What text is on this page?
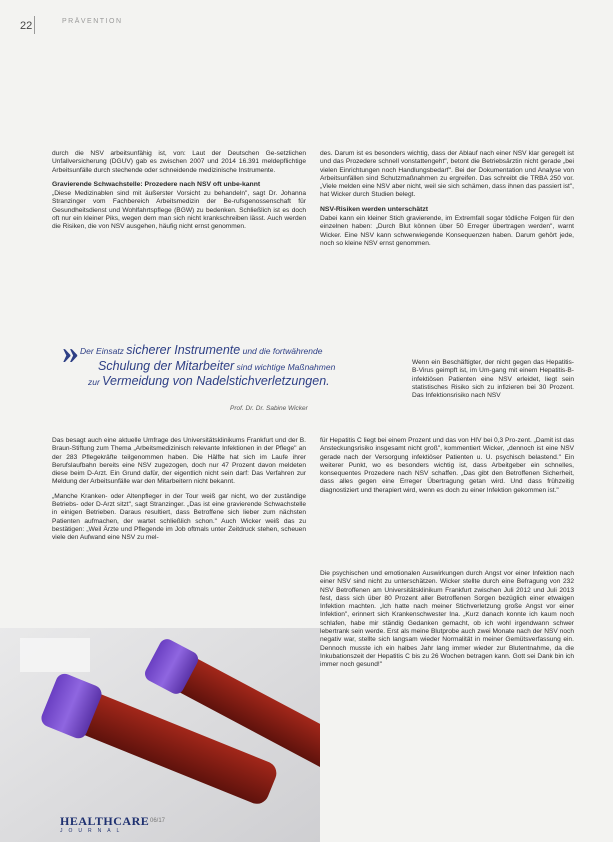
22	PRÄVENTION

durch die NSV arbeitsunfähig ist, von: Laut der Deutschen Ge-setzlichen Unfallversicherung (DGUV) gab es zwischen 2007 und 2014 16.391 meldepflichtige Arbeitsunfälle durch stechende oder schneidende medizinische Instrumente.

Gravierende Schwachstelle: Prozedere nach NSV oft unbe-kannt

„Diese Medizinablen sind mit äußerster Vorsicht zu behandeln", sagt Dr. Johanna Stranzinger vom Fachbereich Arbeitsmedizin der Be-rufsgenossenschaft für Gesundheitsdienst und Wohlfahrtspflege (BGW) zu bedenken. Schließlich ist es doch oft nur ein kleiner Piks, wegen dem man sich nicht krankschreiben lässt. Auch werden die Risiken, die von NSV ausgehen, häufig nicht ernst genommen.

des. Darum ist es besonders wichtig, dass der Ablauf nach einer NSV klar geregelt ist und das Prozedere schnell vonstattengeht", betont die Betriebsärztin nicht gerade „bei vielen Einrichtungen noch Handlungsbedarf". Bei der Dokumentation und Analyse von Arbeitsunfällen sind Schutzmaßnahmen zu ergreifen. Das schreibt die TRBA 250 vor. „Viele melden eine NSV aber nicht, weil sie sich schämen, dass ihnen das passiert ist", hat Wicker durch Studien belegt.

NSV-Risiken werden unterschätzt

Dabei kann ein kleiner Stich gravierende, im Extremfall sogar tödliche Folgen für den einzelnen haben: „Durch Blut können über 50 Erreger übertragen werden", warnt Wicker. Eine NSV kann schwerwiegende Konsequenzen haben. Darum gehört jede, noch so kleine NSV ernst genommen.

» Der Einsatz sicherer Instrumente und die fortwährende
Schulung der Mitarbeiter sind wichtige Maßnahmen
zur Vermeidung von Nadelstichverletzungen.
Prof. Dr. Dr. Sabine Wicker
Wenn ein Beschäftigter, der nicht gegen das Hepatitis-B-Virus geimpft ist, im Um-gang mit einem Hepatitis-B-infektiösen Patienten eine NSV erleidet, liegt sein statistisches Risiko sich zu infizieren bei 30 Prozent. Das Infektionsrisiko nach NSV

Das besagt auch eine aktuelle Umfrage des Universitätsklinikums Frankfurt und der B. Braun-Stiftung zum Thema „Arbeitsmedizinisch relevante Infektionen in der Pflege" an der 283 Pflegekräfte teilgenommen haben. Die Hälfte hat sich im Laufe ihrer Berufslaufbahn bereits eine NSV zugezogen, doch nur 47 Prozent davon meldeten diese beim D-Arzt. Ein Grund dafür, der eigentlich nicht sein darf: Das Verfahren zur Meldung der Arbeitsunfälle war den Mitarbeitern nicht bekannt.

„Manche Kranken- oder Altenpfleger in der Tour weiß gar nicht, wo der zuständige Betriebs- oder D-Arzt sitzt", sagt Stranzinger. „Das ist eine gravierende Schwachstelle in einigen Betrieben. Daraus resultiert, dass Betroffene sich lieber zum nächsten Patienten aufmachen, der wartet schließlich schon." Auch Wicker weiß das zu bestätigen: „Weil Ärzte und Pflegende im Job oftmals unter Zeitdruck stehen, scheuen viele den Aufwand eine NSV zu mel-

für Hepatitis C liegt bei einem Prozent und das von HIV bei 0,3 Pro-zent. „Damit ist das Ansteckungsrisiko insgesamt nicht groß", kommentiert Wicker, „dennoch ist eine NSV gerade nach der Versorgung infektiöser Patienten u. U. psychisch belastend." Ein weiterer Punkt, wo es besonders wichtig ist, dass Arbeitgeber ein schnelles, konsequentes Prozedere nach NSV schaffen. „Das gibt den Betroffenen Sicherheit, dass alles gegen eine Erreger Übertragung getan wird. Und dass frühzeitig diagnostiziert und therapiert wird, wenn es doch zu einer Infektion gekommen ist."

Die psychischen und emotionalen Auswirkungen durch Angst vor einer Infektion nach einer NSV sind nicht zu unterschätzen. Wicker stellte durch eine Befragung von 232 NSV Betroffenen am Universitätsklinikum Frankfurt zwischen Juli 2012 und Juli 2013 fest, dass sich über 80 Prozent aller Betroffenen Sorgen bezüglich einer etwaigen Infektion machten. „Ich hatte nach meiner Stichverletzung große Angst vor einer Infektion", erinnert sich Krankenschwester Ina. „Kurz danach konnte ich kaum noch schlafen, habe mir ständig Gedanken gemacht, ob ich wohl irgendwann schwer lebertrank sein werde. Erst als meine Blutprobe auch zwei Monate nach der NSV noch negativ war, stellte sich langsam wieder Normalität in meiner Gemütsverfassung ein. Dennoch musste ich ein halbes Jahr lang immer wieder zur Blutentnahme, da die Inkubationszeit der Hepatitis C bis zu 26 Wochen betragen kann. Gott sei Dank bin ich immer noch gesund!"

HEALTHCARE
JOURNAL
06/17
